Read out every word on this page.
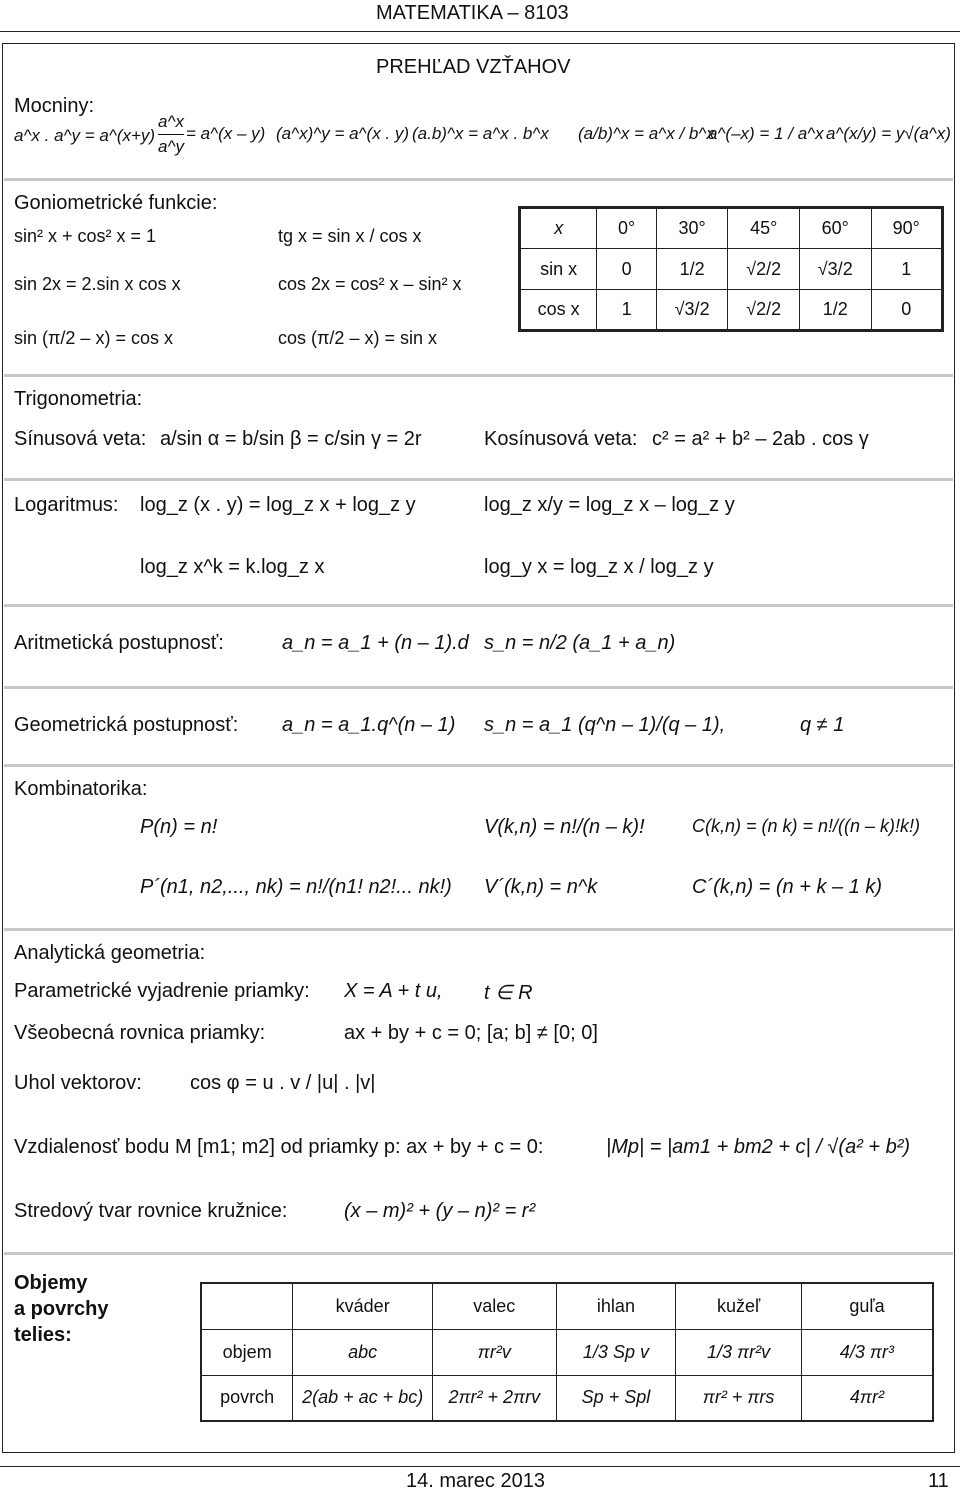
MATEMATIKA – 8103
PREHĽAD VZŤAHOV
Mocniny:
a^x . a^y = a^(x+y)
a^x
a^y
= a^(x – y) (a^x)^y = a^(x . y) (a.b)^x = a^x . b^x (a/b)^x = a^x / b^x
a^(–x) = 1 / a^x a^(x/y) = y√(a^x)
Goniometrické funkcie:
sin² x + cos² x = 1	tg x = sin x / cos x
sin 2x = 2.sin x cos x	cos 2x = cos² x – sin² x
sin (π/2 – x) = cos x	cos (π/2 – x) = sin x
x	0°	30°	45°	60°	90°
sin x	0	1/2	√2/2	√3/2	1
cos x	1	√3/2	√2/2	1/2	0
Trigonometria:
Sínusová veta: a/sin α = b/sin β = c/sin γ = 2r	Kosínusová veta: c² = a² + b² – 2ab . cos γ
Logaritmus: log_z (x . y) = log_z x + log_z y	log_z x/y = log_z x – log_z y
log_z x^k = k.log_z x	log_y x = log_z x / log_z y
Aritmetická postupnosť:	a_n = a_1 + (n – 1).d s_n = n/2 (a_1 + a_n)
Geometrická postupnosť: a_n = a_1.q^(n – 1) s_n = a_1 (q^n – 1)/(q – 1),	q ≠ 1
Kombinatorika:
P(n) = n!	V(k,n) = n!/(n – k)!	C(k,n) = (n k) = n!/((n – k)!k!)
P´(n1, n2,..., nk) = n!/(n1! n2!... nk!) V´(k,n) = n^k	C´(k,n) = (n + k – 1 k)
Analytická geometria:
Parametrické vyjadrenie priamky: X = A + t u, t ∈ R
Všeobecná rovnica priamky:	ax + by + c = 0; [a; b] ≠ [0; 0]
Uhol vektorov: cos φ = u . v / |u| . |v|
Vzdialenosť bodu M [m1; m2] od priamky p: ax + by + c = 0:	|Mp| = |am1 + bm2 + c| / √(a² + b²)
Stredový tvar rovnice kružnice:	(x – m)² + (y – n)² = r²
Objemy
a povrchy
telies:
	kváder	valec	ihlan	kužeľ	guľa
objem	abc	πr²v	1/3 Sp v	1/3 πr²v	4/3 πr³
povrch	2(ab + ac + bc)	2πr² + 2πrv	Sp + Spl	πr² + πrs	4πr²
14. marec 2013	11
